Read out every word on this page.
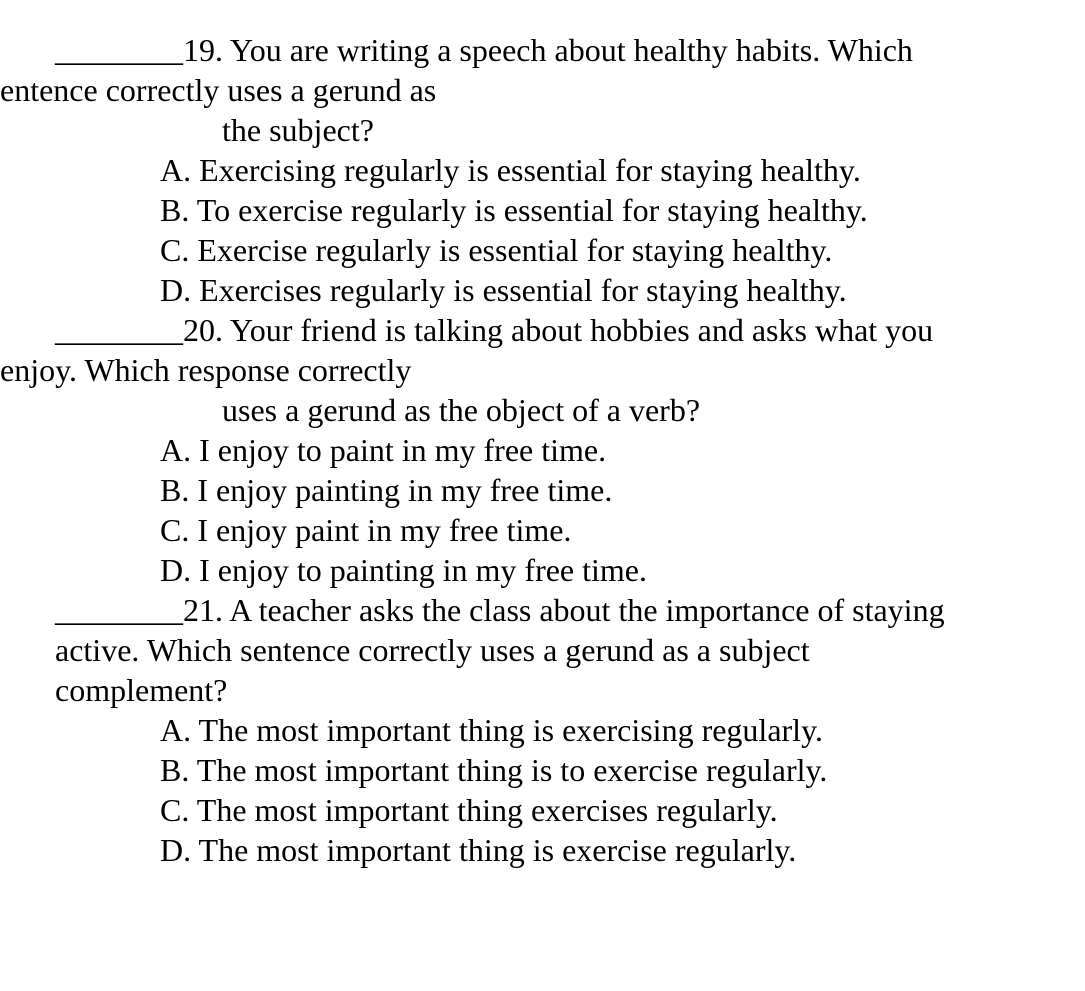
________19. You are writing a speech about healthy habits. Which
entence correctly uses a gerund as
the subject?
A. Exercising regularly is essential for staying healthy.
B. To exercise regularly is essential for staying healthy.
C. Exercise regularly is essential for staying healthy.
D. Exercises regularly is essential for staying healthy.
________20. Your friend is talking about hobbies and asks what you
enjoy. Which response correctly
uses a gerund as the object of a verb?
A. I enjoy to paint in my free time.
B. I enjoy painting in my free time.
C. I enjoy paint in my free time.
D. I enjoy to painting in my free time.
________21. A teacher asks the class about the importance of staying
active. Which sentence correctly uses a gerund as a subject
complement?
A. The most important thing is exercising regularly.
B. The most important thing is to exercise regularly.
C. The most important thing exercises regularly.
D. The most important thing is exercise regularly.
